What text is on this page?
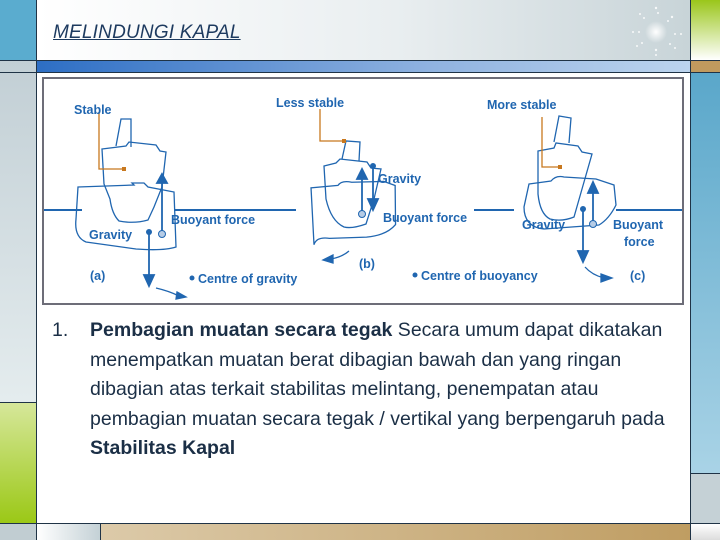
MELINDUNGI KAPAL
Stable	Less stable	More stable
Gravity
Buoyant force
Gravity
Buoyant force	Gravity	Buoyant
force
(a)
(b)
(c)
Centre of gravity	Centre of buoyancy
1. Pembagian muatan secara tegak Secara umum dapat dikatakan menempatkan muatan berat dibagian bawah dan yang ringan dibagian atas terkait stabilitas melintang, penempatan atau pembagian muatan secara tegak / vertikal yang berpengaruh pada Stabilitas Kapal
